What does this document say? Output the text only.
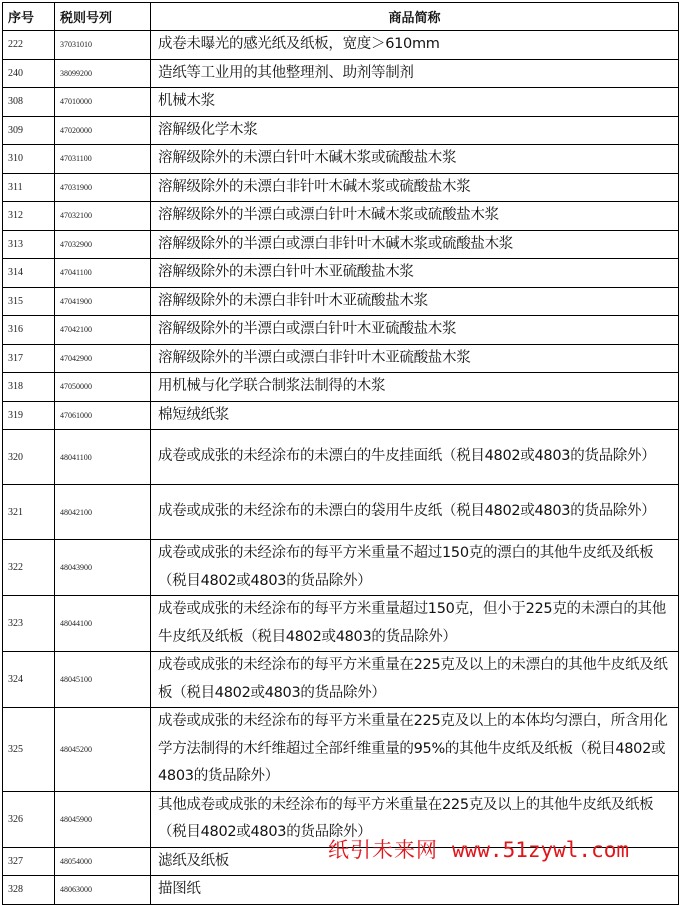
序号	税则号列	商品简称
222	37031010	成卷未曝光的感光纸及纸板，宽度＞610mm
240	38099200	造纸等工业用的其他整理剂、助剂等制剂
308	47010000	机械木浆
309	47020000	溶解级化学木浆
310	47031100	溶解级除外的未漂白针叶木碱木浆或硫酸盐木浆
311	47031900	溶解级除外的未漂白非针叶木碱木浆或硫酸盐木浆
312	47032100	溶解级除外的半漂白或漂白针叶木碱木浆或硫酸盐木浆
313	47032900	溶解级除外的半漂白或漂白非针叶木碱木浆或硫酸盐木浆
314	47041100	溶解级除外的未漂白针叶木亚硫酸盐木浆
315	47041900	溶解级除外的未漂白非针叶木亚硫酸盐木浆
316	47042100	溶解级除外的半漂白或漂白针叶木亚硫酸盐木浆
317	47042900	溶解级除外的半漂白或漂白非针叶木亚硫酸盐木浆
318	47050000	用机械与化学联合制浆法制得的木浆
319	47061000	棉短绒纸浆
320	48041100	成卷或成张的未经涂布的未漂白的牛皮挂面纸（税目4802或4803的货品除外）
321	48042100	成卷或成张的未经涂布的未漂白的袋用牛皮纸（税目4802或4803的货品除外）
322	48043900	成卷或成张的未经涂布的每平方米重量不超过150克的漂白的其他牛皮纸及纸板（税目4802或4803的货品除外）
323	48044100	成卷或成张的未经涂布的每平方米重量超过150克，但小于225克的未漂白的其他牛皮纸及纸板（税目4802或4803的货品除外）
324	48045100	成卷或成张的未经涂布的每平方米重量在225克及以上的未漂白的其他牛皮纸及纸板（税目4802或4803的货品除外）
325	48045200	成卷或成张的未经涂布的每平方米重量在225克及以上的本体均匀漂白，所含用化学方法制得的木纤维超过全部纤维重量的95%的其他牛皮纸及纸板（税目4802或4803的货品除外）
326	48045900	其他成卷或成张的未经涂布的每平方米重量在225克及以上的其他牛皮纸及纸板（税目4802或4803的货品除外）
327	48054000	滤纸及纸板
328	48063000	描图纸
纸引未来网 www.51zywl.com
